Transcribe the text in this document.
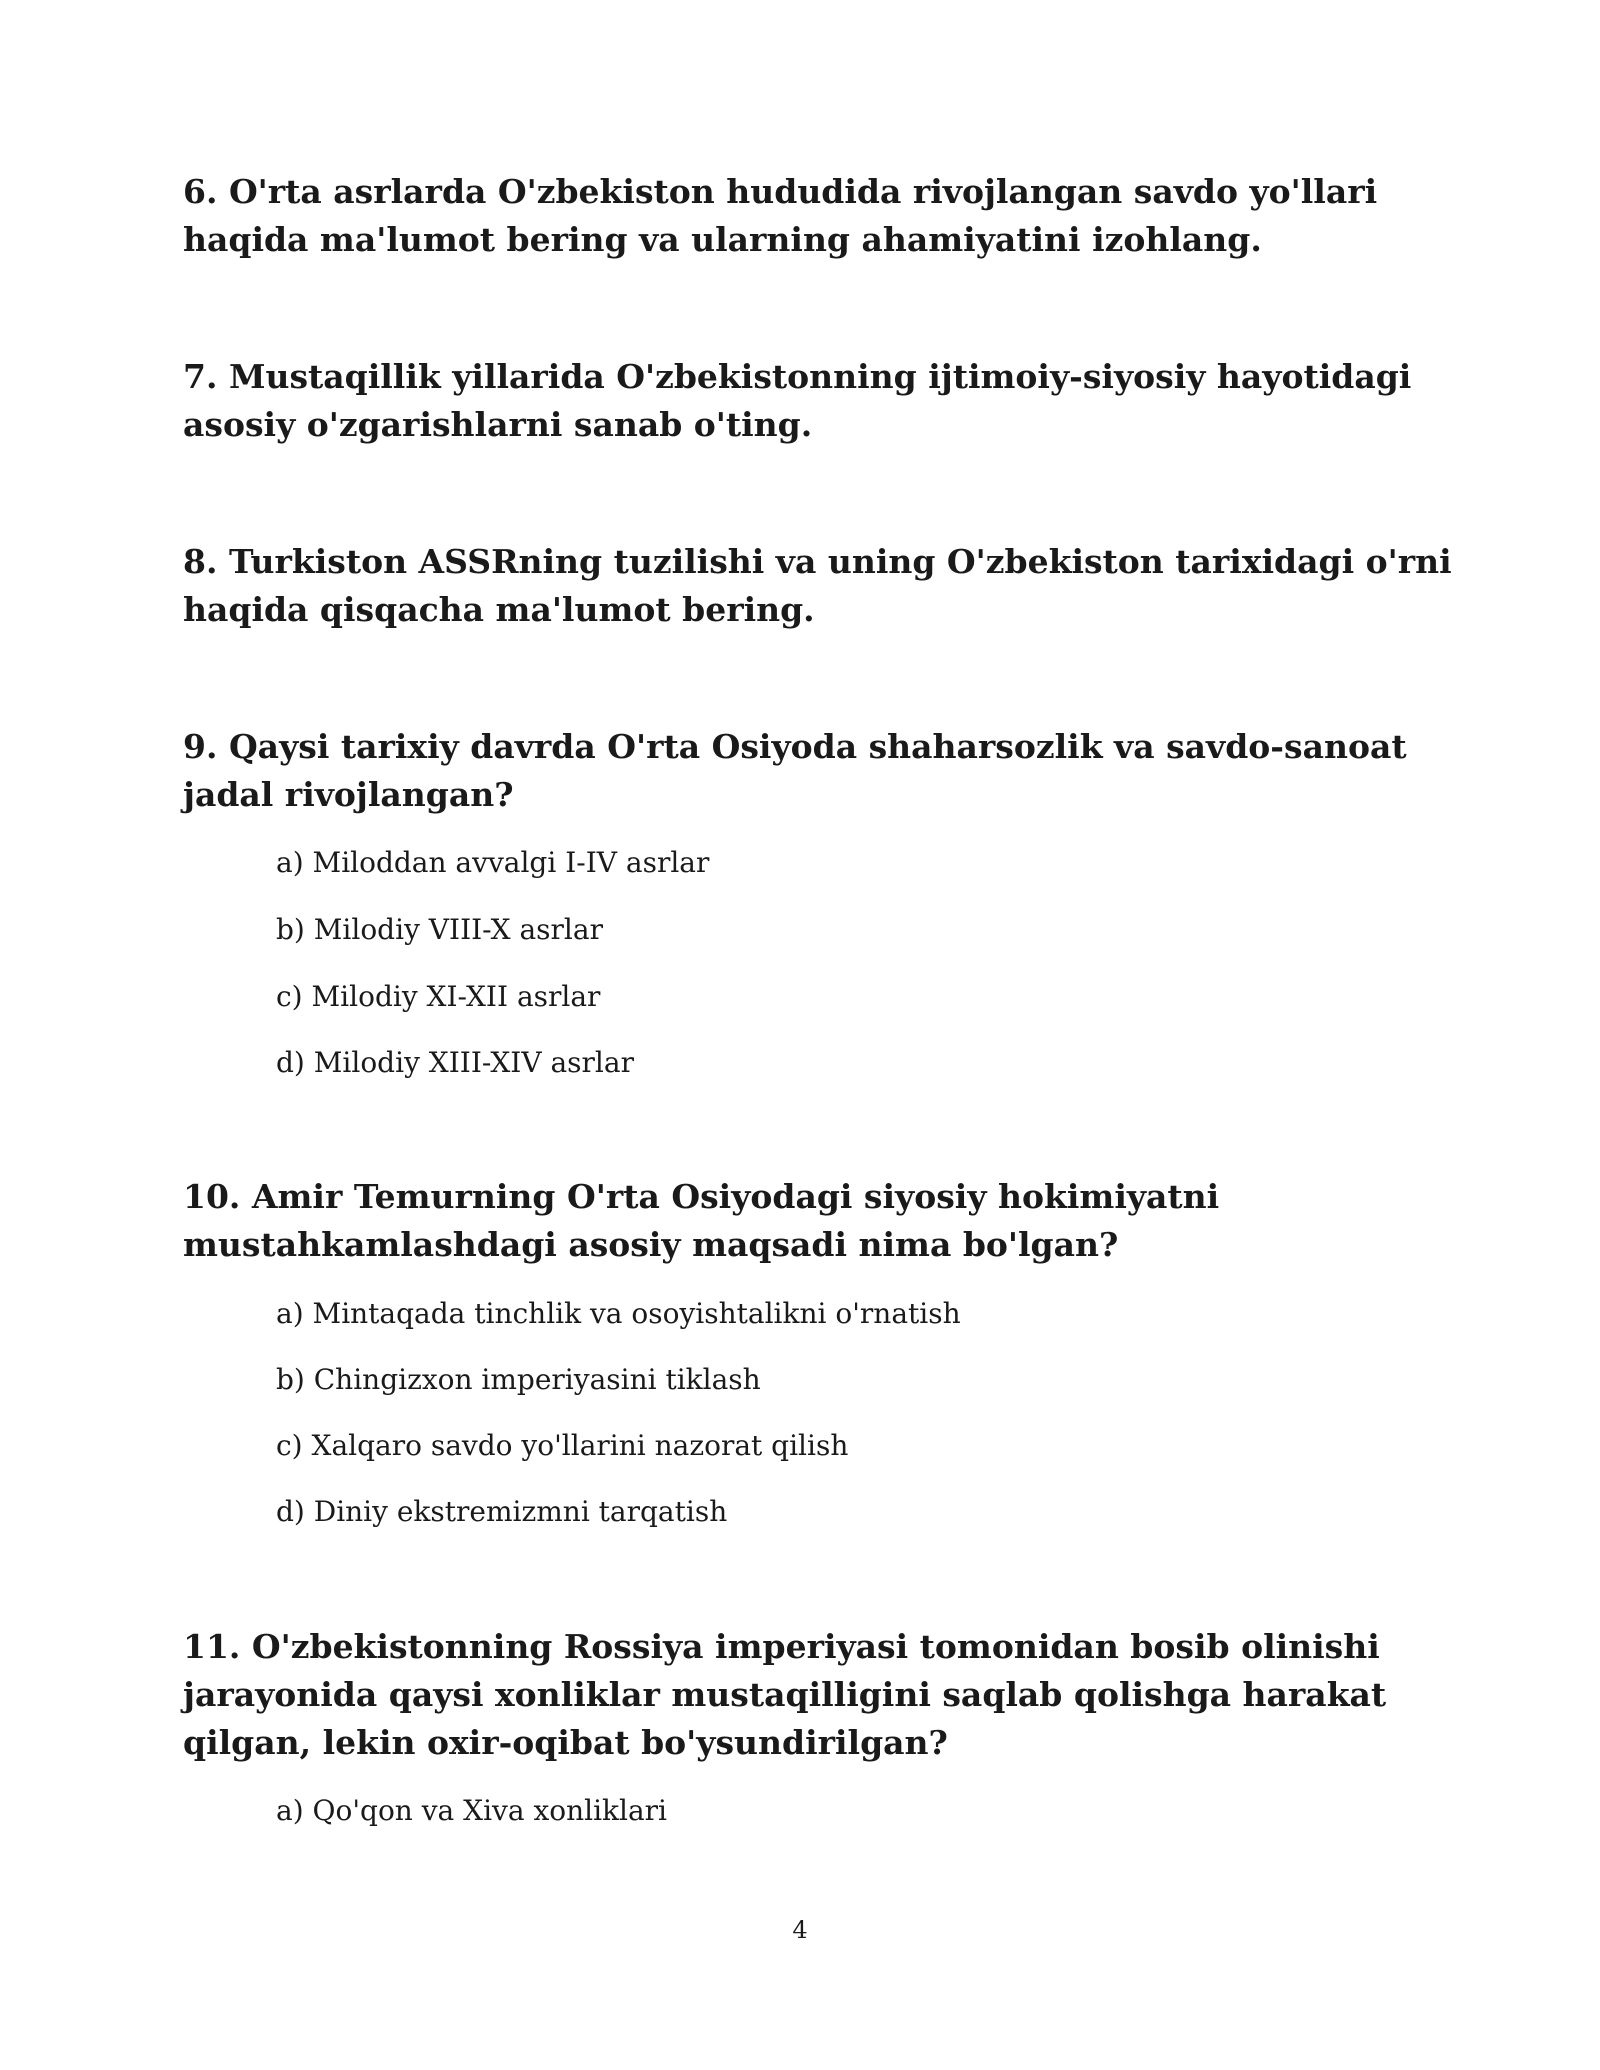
6. O'rta asrlarda O'zbekiston hududida rivojlangan savdo yo'llari haqida ma'lumot bering va ularning ahamiyatini izohlang.

7. Mustaqillik yillarida O'zbekistonning ijtimoiy-siyosiy hayotidagi asosiy o'zgarishlarni sanab o'ting.

8. Turkiston ASSRning tuzilishi va uning O'zbekiston tarixidagi o'rni haqida qisqacha ma'lumot bering.

9. Qaysi tarixiy davrda O'rta Osiyoda shaharsozlik va savdo-sanoat jadal rivojlangan?

a) Miloddan avvalgi I-IV asrlar

b) Milodiy VIII-X asrlar

c) Milodiy XI-XII asrlar

d) Milodiy XIII-XIV asrlar

10. Amir Temurning O'rta Osiyodagi siyosiy hokimiyatni mustahkamlashdagi asosiy maqsadi nima bo'lgan?

a) Mintaqada tinchlik va osoyishtalikni o'rnatish

b) Chingizxon imperiyasini tiklash

c) Xalqaro savdo yo'llarini nazorat qilish

d) Diniy ekstremizmni tarqatish

11. O'zbekistonning Rossiya imperiyasi tomonidan bosib olinishi jarayonida qaysi xonliklar mustaqilligini saqlab qolishga harakat qilgan, lekin oxir-oqibat bo'ysundirilgan?

a) Qo'qon va Xiva xonliklari

4
